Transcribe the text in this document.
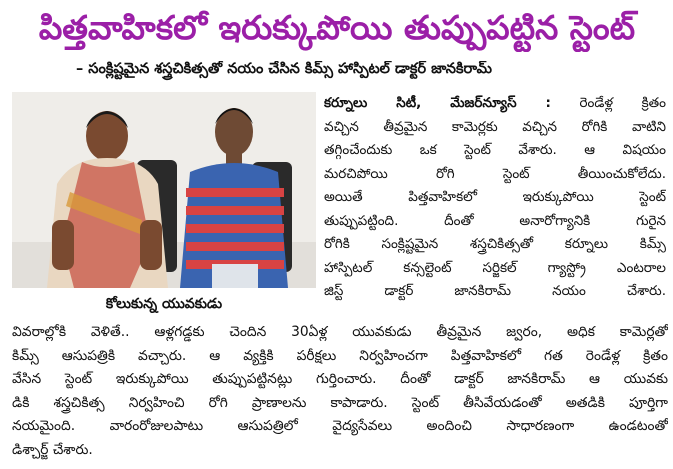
పిత్తవాహికలో ఇరుక్కుపోయి తుప్పుపట్టిన స్టెంట్
– సంక్లిష్టమైన శస్త్రచికిత్సతో నయం చేసిన కిమ్స్ హాస్పిటల్ డాక్టర్ జానకిరామ్
కోలుకున్న యువకుడు
కర్నూలు సిటీ, మేజర్‌న్యూస్ : రెండేళ్ల క్రితం
వచ్చిన తీవ్రమైన కామెర్లకు వచ్చిన రోగికి వాటిని
తగ్గించేందుకు ఒక స్టెంట్ వేశారు. ఆ విషయం
మరచిపోయి రోగి స్టెంట్ తీయించుకోలేదు.
అయితే పిత్తవాహికలో ఇరుక్కుపోయి స్టెంట్
తుప్పుపట్టింది. దీంతో అనారోగ్యానికి గురైన
రోగికి సంక్లిష్టమైన శస్త్రచికిత్సతో కర్నూలు కిమ్స్
హాస్పిటల్ కన్సల్టెంట్ సర్జికల్ గ్యాస్ట్రో ఎంటరాల
జిస్ట్ డాక్టర్ జానకిరామ్ నయం చేశారు.
వివరాల్లోకి వెళితే.. ఆళ్లగడ్డకు చెందిన 30ఏళ్ల యువకుడు తీవ్రమైన జ్వరం, అధిక కామెర్లతో
కిమ్స్ ఆసుపత్రికి వచ్చారు. ఆ వ్యక్తికి పరీక్షలు నిర్వహించగా పిత్తవాహికలో గత రెండేళ్ల క్రితం
వేసిన స్టెంట్ ఇరుక్కుపోయి తుప్పుపట్టినట్లు గుర్తించారు. దీంతో డాక్టర్ జానకిరామ్ ఆ యువకు
డికి శస్త్రచికిత్స నిర్వహించి రోగి ప్రాణాలను కాపాడారు. స్టెంట్ తీసివేయడంతో అతడికి పూర్తిగా
నయమైంది. వారంరోజులపాటు ఆసుపత్రిలో వైద్యసేవలు అందించి సాధారణంగా ఉండటంతో
డిశ్చార్జ్ చేశారు.
